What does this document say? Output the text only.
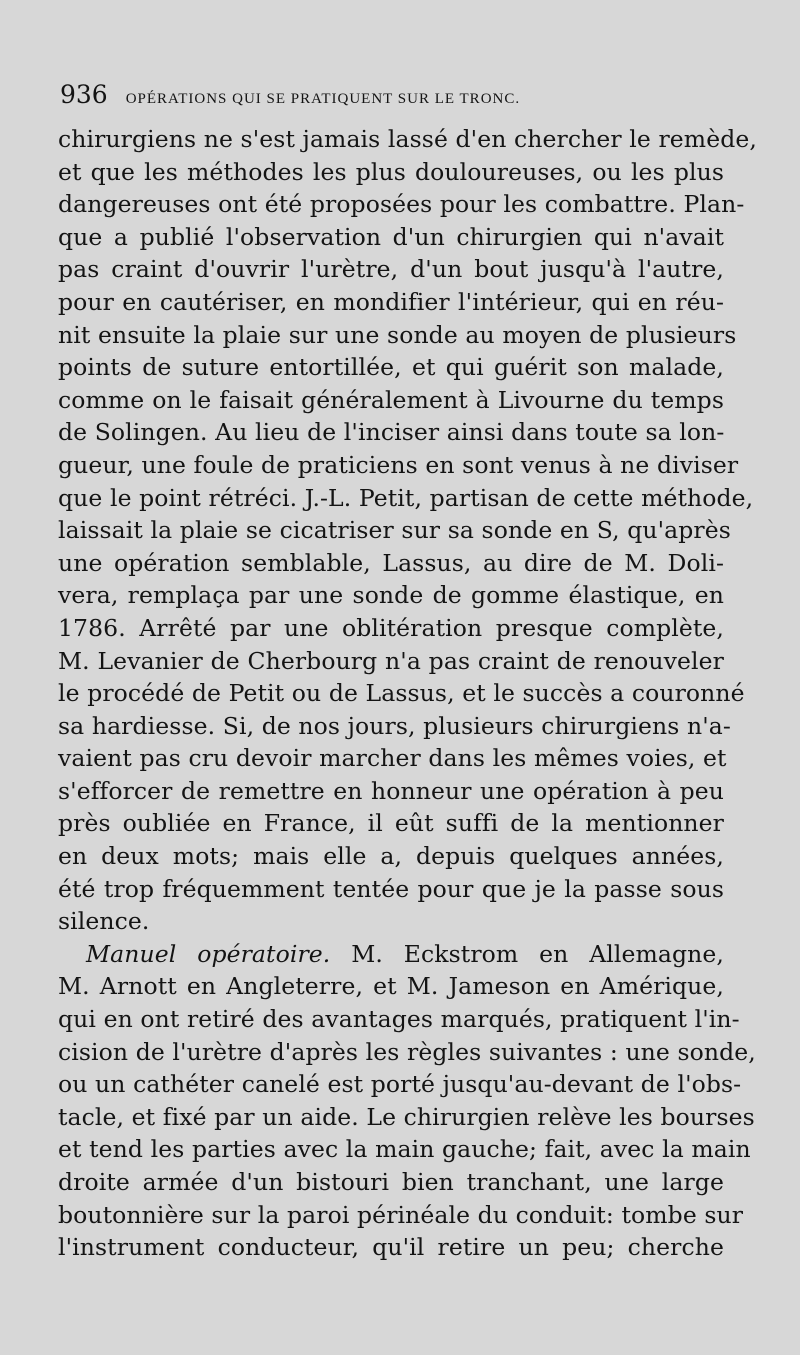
936 OPÉRATIONS QUI SE PRATIQUENT SUR LE TRONC.
chirurgiens ne s'est jamais lassé d'en chercher le remède,
et que les méthodes les plus douloureuses, ou les plus
dangereuses ont été proposées pour les combattre. Plan-
que a publié l'observation d'un chirurgien qui n'avait
pas craint d'ouvrir l'urètre, d'un bout jusqu'à l'autre,
pour en cautériser, en mondifier l'intérieur, qui en réu-
nit ensuite la plaie sur une sonde au moyen de plusieurs
points de suture entortillée, et qui guérit son malade,
comme on le faisait généralement à Livourne du temps
de Solingen. Au lieu de l'inciser ainsi dans toute sa lon-
gueur, une foule de praticiens en sont venus à ne diviser
que le point rétréci. J.-L. Petit, partisan de cette méthode,
laissait la plaie se cicatriser sur sa sonde en S, qu'après
une opération semblable, Lassus, au dire de M. Doli-
vera, remplaça par une sonde de gomme élastique, en
1786. Arrêté par une oblitération presque complète,
M. Levanier de Cherbourg n'a pas craint de renouveler
le procédé de Petit ou de Lassus, et le succès a couronné
sa hardiesse. Si, de nos jours, plusieurs chirurgiens n'a-
vaient pas cru devoir marcher dans les mêmes voies, et
s'efforcer de remettre en honneur une opération à peu
près oubliée en France, il eût suffi de la mentionner
en deux mots; mais elle a, depuis quelques années,
été trop fréquemment tentée pour que je la passe sous
silence.
Manuel opératoire. M. Eckstrom en Allemagne,
M. Arnott en Angleterre, et M. Jameson en Amérique,
qui en ont retiré des avantages marqués, pratiquent l'in-
cision de l'urètre d'après les règles suivantes : une sonde,
ou un cathéter canelé est porté jusqu'au-devant de l'obs-
tacle, et fixé par un aide. Le chirurgien relève les bourses
et tend les parties avec la main gauche; fait, avec la main
droite armée d'un bistouri bien tranchant, une large
boutonnière sur la paroi périnéale du conduit: tombe sur
l'instrument conducteur, qu'il retire un peu; cherche
